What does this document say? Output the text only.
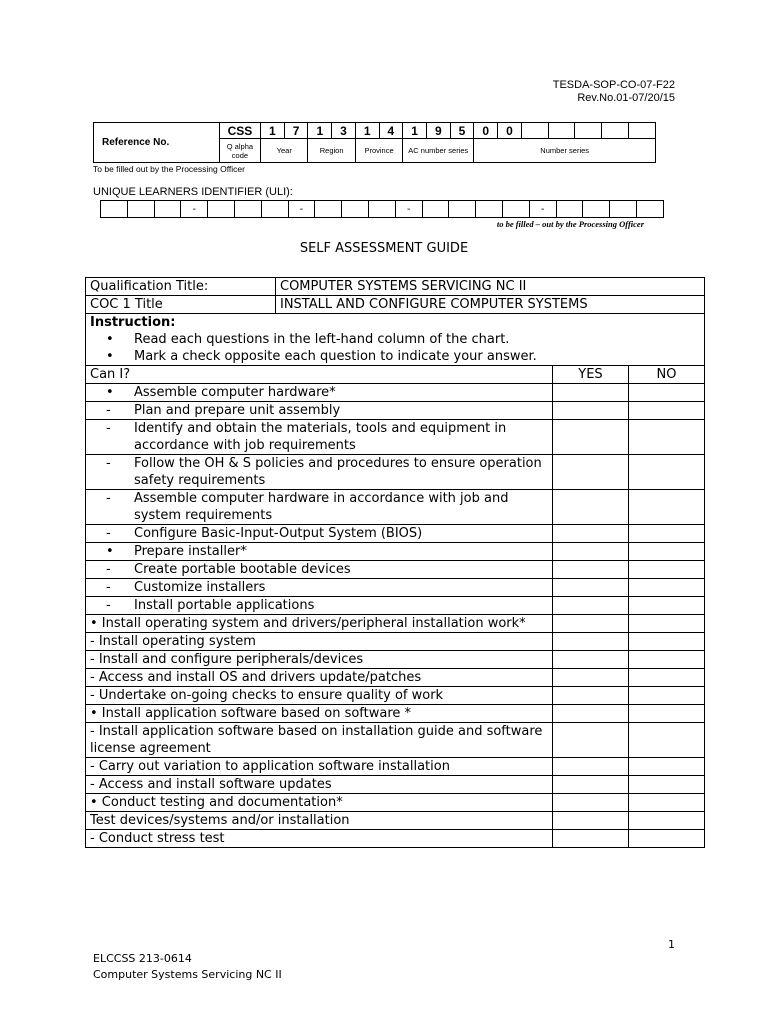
TESDA-SOP-CO-07-F22
Rev.No.01-07/20/15
Reference No.	CSS	1	7	1	3	1	4	1	9	5	0	0					
	Q alpha code	Year		Region		Province		AC number series			Number series						
To be filled out by the Processing Officer
UNIQUE LEARNERS IDENTIFIER (ULI):
			-				-				-					-				
to be filled – out by the Processing Officer
SELF ASSESSMENT GUIDE
Qualification Title:	COMPUTER SYSTEMS SERVICING NC II		
COC 1 Title	INSTALL AND CONFIGURE COMPUTER SYSTEMS		

Instruction:
• Read each questions in the left-hand column of the chart.
• Mark a check opposite each question to indicate your answer.			

Can I?		YES	NO

• Assemble computer hardware*			

- Plan and prepare unit assembly			

- Identify and obtain the materials, tools and equipment in accordance with job requirements			

- Follow the OH & S policies and procedures to ensure operation safety requirements			

- Assemble computer hardware in accordance with job and system requirements			

- Configure Basic-Input-Output System (BIOS)			

• Prepare installer*			

- Create portable bootable devices			

- Customize installers			

- Install portable applications			

• Install operating system and drivers/peripheral installation work*			
- Install operating system			
- Install and configure peripherals/devices			
- Access and install OS and drivers update/patches			
- Undertake on-going checks to ensure quality of work			
• Install application software based on software *			
- Install application software based on installation guide and software license agreement			
- Carry out variation to application software installation			
- Access and install software updates			
• Conduct testing and documentation*			
Test devices/systems and/or installation			
- Conduct stress test			
1
ELCCSS 213-0614
Computer Systems Servicing NC II
